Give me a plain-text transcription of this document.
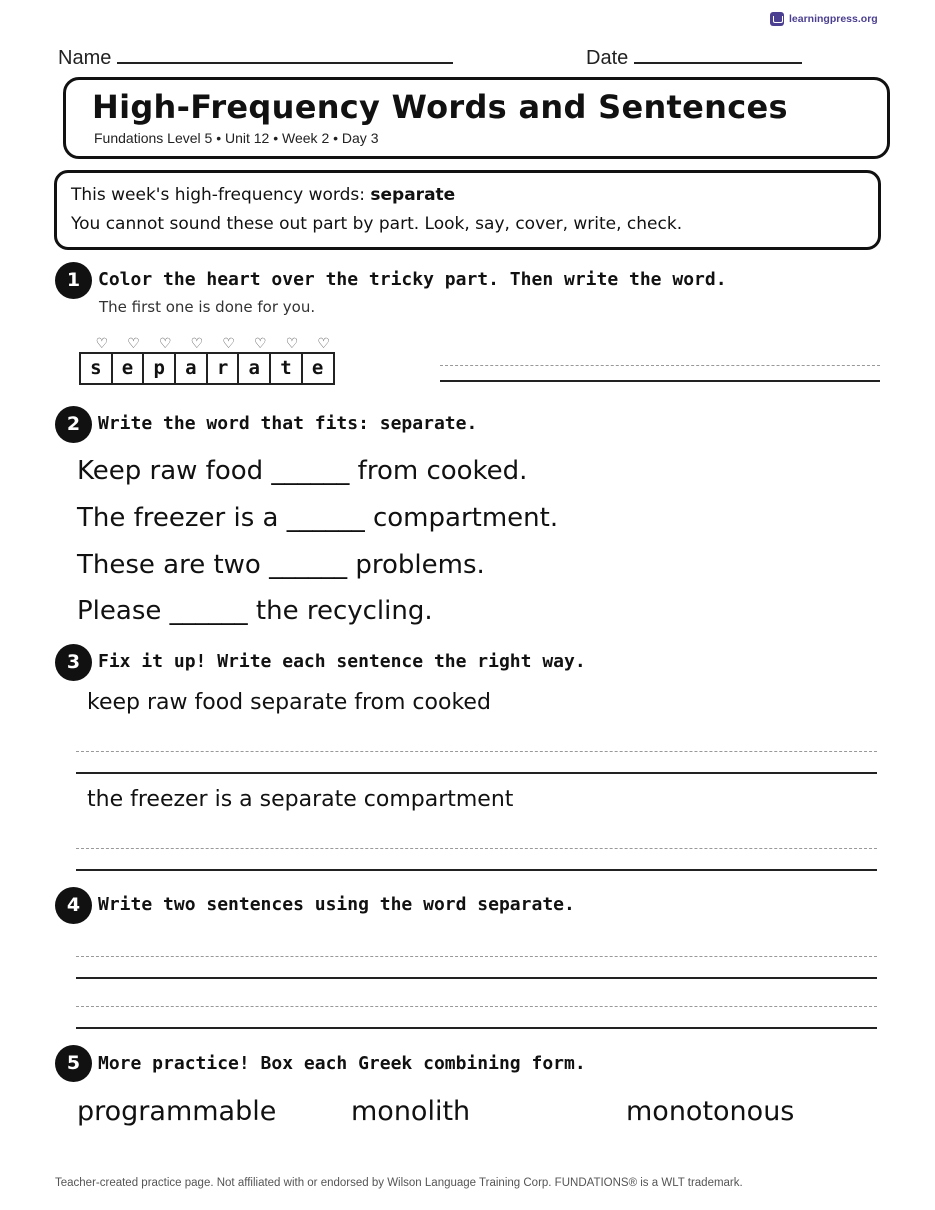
learningpress.org
Name	Date
High-Frequency Words and Sentences
Fundations Level 5 • Unit 12 • Week 2 • Day 3
This week's high-frequency words: separate
You cannot sound these out part by part. Look, say, cover, write, check.
1 Color the heart over the tricky part. Then write the word.
The first one is done for you.
♡	♡	♡	♡	♡	♡	♡	♡
s	e	p	a	r	a	t	e
2 Write the word that fits: separate.
Keep raw food ______ from cooked.
The freezer is a ______ compartment.
These are two ______ problems.
Please ______ the recycling.
3 Fix it up! Write each sentence the right way.
keep raw food separate from cooked
the freezer is a separate compartment
4 Write two sentences using the word separate.
5 More practice! Box each Greek combining form.
programmable	monolith	monotonous
Teacher-created practice page. Not affiliated with or endorsed by Wilson Language Training Corp. FUNDATIONS® is a WLT trademark.
